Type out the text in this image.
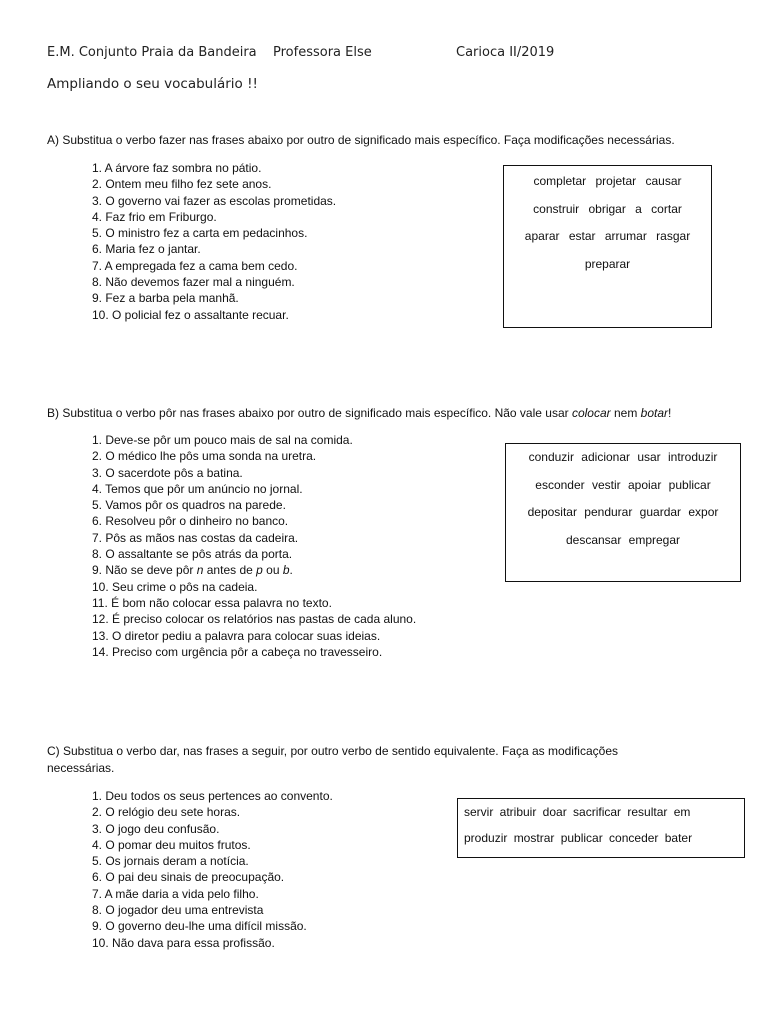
E.M. Conjunto Praia da Bandeira Professora Else	Carioca II/2019
Ampliando o seu vocabulário !!
A) Substitua o verbo fazer nas frases abaixo por outro de significado mais específico. Faça modificações necessárias.
1. A árvore faz sombra no pátio.
2. Ontem meu filho fez sete anos.
3. O governo vai fazer as escolas prometidas.
4. Faz frio em Friburgo.
5. O ministro fez a carta em pedacinhos.
6. Maria fez o jantar.
7. A empregada fez a cama bem cedo.
8. Não devemos fazer mal a ninguém.
9. Fez a barba pela manhã.
10. O policial fez o assaltante recuar.
completar projetar causar
construir obrigar a cortar
aparar estar arrumar rasgar
preparar
B) Substitua o verbo pôr nas frases abaixo por outro de significado mais específico. Não vale usar colocar nem botar!
1. Deve-se pôr um pouco mais de sal na comida.
2. O médico lhe pôs uma sonda na uretra.
3. O sacerdote pôs a batina.
4. Temos que pôr um anúncio no jornal.
5. Vamos pôr os quadros na parede.
6. Resolveu pôr o dinheiro no banco.
7. Pôs as mãos nas costas da cadeira.
8. O assaltante se pôs atrás da porta.
9. Não se deve pôr n antes de p ou b.
10. Seu crime o pôs na cadeia.
11. É bom não colocar essa palavra no texto.
12. É preciso colocar os relatórios nas pastas de cada aluno.
13. O diretor pediu a palavra para colocar suas ideias.
14. Preciso com urgência pôr a cabeça no travesseiro.
conduzir adicionar usar introduzir
esconder vestir apoiar publicar
depositar pendurar guardar expor
descansar empregar
C) Substitua o verbo dar, nas frases a seguir, por outro verbo de sentido equivalente. Faça as modificações necessárias.
1. Deu todos os seus pertences ao convento.
2. O relógio deu sete horas.
3. O jogo deu confusão.
4. O pomar deu muitos frutos.
5. Os jornais deram a notícia.
6. O pai deu sinais de preocupação.
7. A mãe daria a vida pelo filho.
8. O jogador deu uma entrevista
9. O governo deu-lhe uma difícil missão.
10. Não dava para essa profissão.
servir atribuir doar sacrificar resultar em
produzir mostrar publicar conceder bater
